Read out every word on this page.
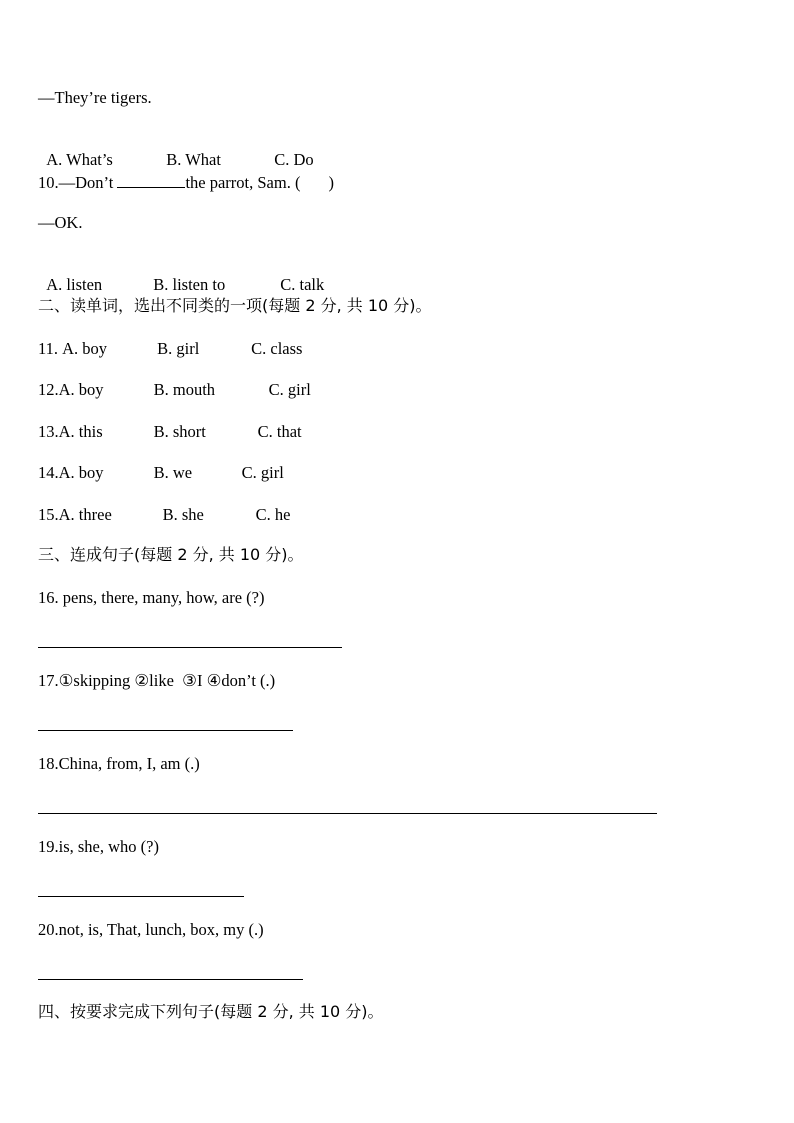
—They’re tigers.

A. What’s	B. What	C. Do

10.—Don’t	the parrot, Sam. ( )
—OK.

A. listen	B. listen to	C. talk

二、读单词，选出不同类的一项(每题 2 分, 共 10 分)。
11. A. boy	B. girl	C. class
12.A. boy	B. mouth	C. girl
13.A. this	B. short	C. that
14.A. boy	B. we	C. girl
15.A. three	B. she	C. he
三、连成句子(每题 2 分, 共 10 分)。
16. pens, there, many, how, are (?)
17.①skipping ②like  ③I ④don’t (.)
18.China, from, I, am (.)
19.is, she, who (?)
20.not, is, That, lunch, box, my (.)
四、按要求完成下列句子(每题 2 分, 共 10 分)。
